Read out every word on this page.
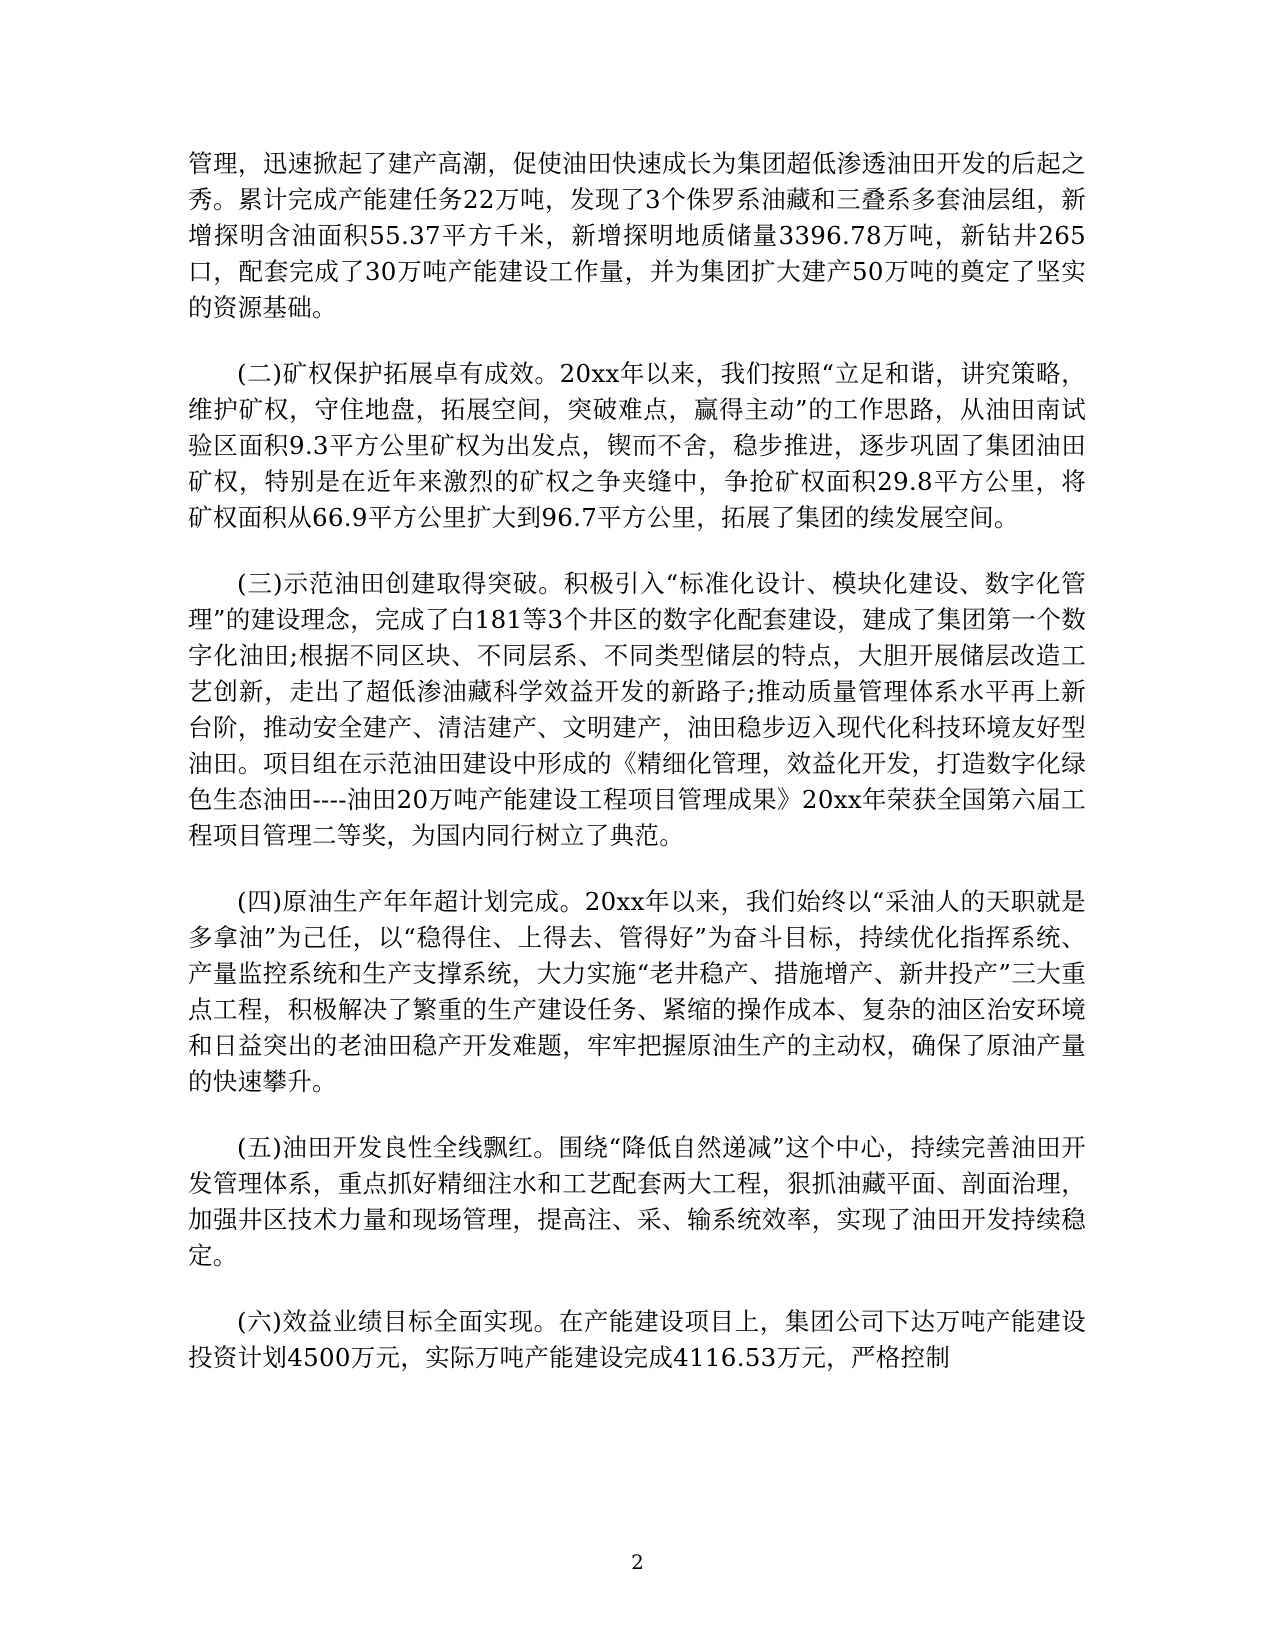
管理，迅速掀起了建产高潮，促使油田快速成长为集团超低渗透油田开发的后起之秀。累计完成产能建任务22万吨，发现了3个侏罗系油藏和三叠系多套油层组，新增探明含油面积55.37平方千米，新增探明地质储量3396.78万吨，新钻井265口，配套完成了30万吨产能建设工作量，并为集团扩大建产50万吨的奠定了坚实的资源基础。

(二)矿权保护拓展卓有成效。20xx年以来，我们按照“立足和谐，讲究策略，维护矿权，守住地盘，拓展空间，突破难点，赢得主动”的工作思路，从油田南试验区面积9.3平方公里矿权为出发点，锲而不舍，稳步推进，逐步巩固了集团油田矿权，特别是在近年来激烈的矿权之争夹缝中，争抢矿权面积29.8平方公里，将矿权面积从66.9平方公里扩大到96.7平方公里，拓展了集团的续发展空间。

(三)示范油田创建取得突破。积极引入“标准化设计、模块化建设、数字化管理”的建设理念，完成了白181等3个井区的数字化配套建设，建成了集团第一个数字化油田;根据不同区块、不同层系、不同类型储层的特点，大胆开展储层改造工艺创新，走出了超低渗油藏科学效益开发的新路子;推动质量管理体系水平再上新台阶，推动安全建产、清洁建产、文明建产，油田稳步迈入现代化科技环境友好型油田。项目组在示范油田建设中形成的《精细化管理，效益化开发，打造数字化绿色生态油田----油田20万吨产能建设工程项目管理成果》20xx年荣获全国第六届工程项目管理二等奖，为国内同行树立了典范。

(四)原油生产年年超计划完成。20xx年以来，我们始终以“采油人的天职就是多拿油”为己任，以“稳得住、上得去、管得好”为奋斗目标，持续优化指挥系统、产量监控系统和生产支撑系统，大力实施“老井稳产、措施增产、新井投产”三大重点工程，积极解决了繁重的生产建设任务、紧缩的操作成本、复杂的油区治安环境和日益突出的老油田稳产开发难题，牢牢把握原油生产的主动权，确保了原油产量的快速攀升。

(五)油田开发良性全线飘红。围绕“降低自然递减”这个中心，持续完善油田开发管理体系，重点抓好精细注水和工艺配套两大工程，狠抓油藏平面、剖面治理，加强井区技术力量和现场管理，提高注、采、输系统效率，实现了油田开发持续稳定。

(六)效益业绩目标全面实现。在产能建设项目上，集团公司下达万吨产能建设投资计划4500万元，实际万吨产能建设完成4116.53万元，严格控制

2
